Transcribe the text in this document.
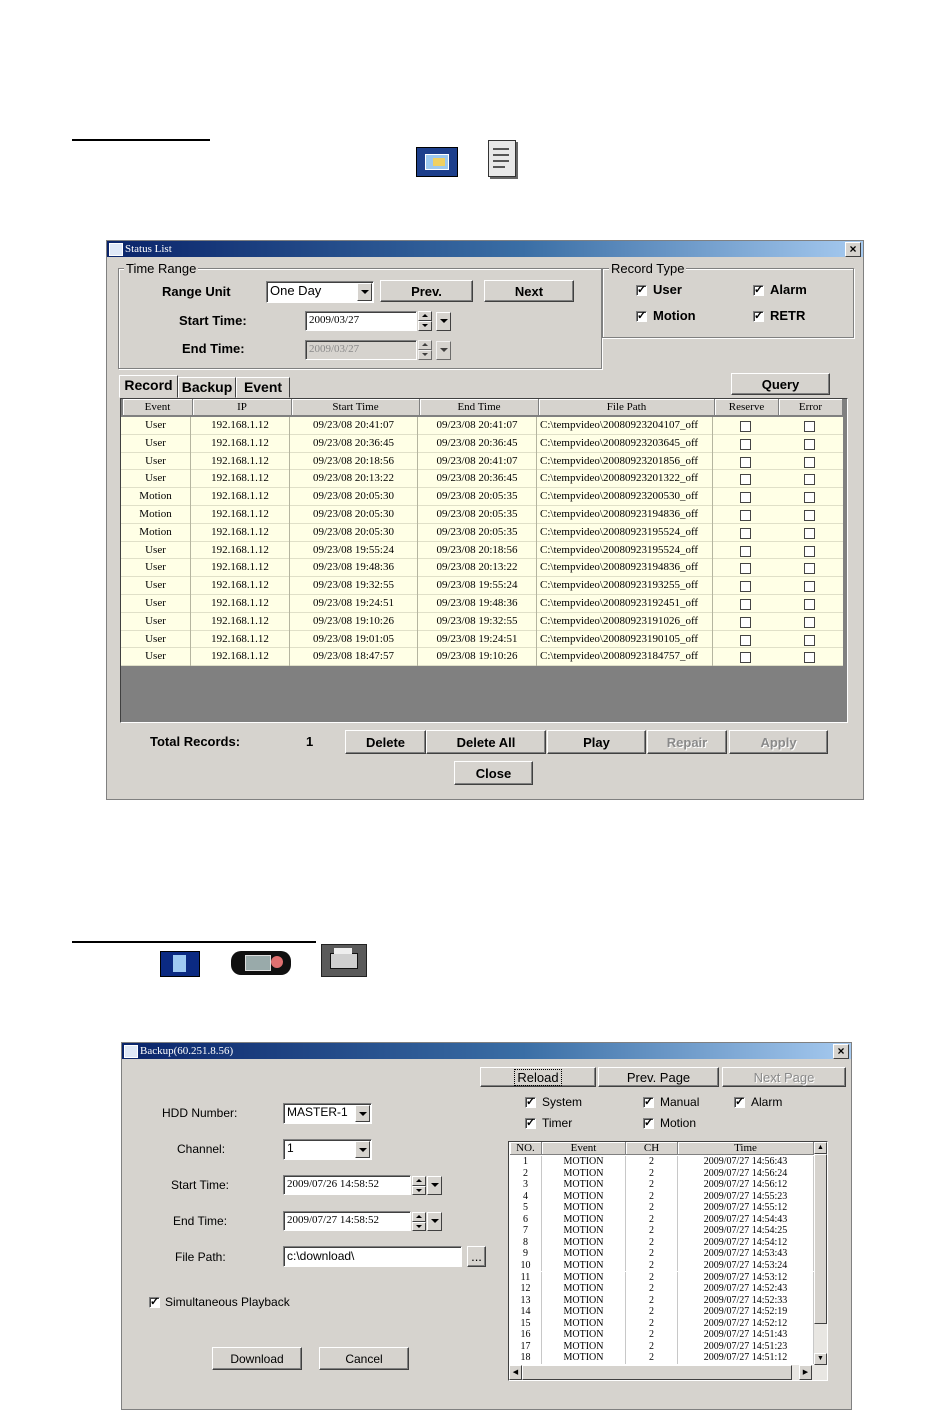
Status List	×
Time Range
Range Unit	One Day	Prev.	Next
Start Time:	2009/03/27
End Time:	2009/03/27
Record Type
✓ User	✓ Alarm
✓ Motion	✓ RETR
Record Backup Event	Query
Event	IP	Start Time	End Time	File Path	Reserve	Error
User	192.168.1.12	09/23/08 20:41:07	09/23/08 20:41:07	C:\tempvideo\20080923204107_off
User	192.168.1.12	09/23/08 20:36:45	09/23/08 20:36:45	C:\tempvideo\20080923203645_off
User	192.168.1.12	09/23/08 20:18:56	09/23/08 20:41:07	C:\tempvideo\20080923201856_off
User	192.168.1.12	09/23/08 20:13:22	09/23/08 20:36:45	C:\tempvideo\20080923201322_off
Motion	192.168.1.12	09/23/08 20:05:30	09/23/08 20:05:35	C:\tempvideo\20080923200530_off
Motion	192.168.1.12	09/23/08 20:05:30	09/23/08 20:05:35	C:\tempvideo\20080923194836_off
Motion	192.168.1.12	09/23/08 20:05:30	09/23/08 20:05:35	C:\tempvideo\20080923195524_off
User	192.168.1.12	09/23/08 19:55:24	09/23/08 20:18:56	C:\tempvideo\20080923195524_off
User	192.168.1.12	09/23/08 19:48:36	09/23/08 20:13:22	C:\tempvideo\20080923194836_off
User	192.168.1.12	09/23/08 19:32:55	09/23/08 19:55:24	C:\tempvideo\20080923193255_off
User	192.168.1.12	09/23/08 19:24:51	09/23/08 19:48:36	C:\tempvideo\20080923192451_off
User	192.168.1.12	09/23/08 19:10:26	09/23/08 19:32:55	C:\tempvideo\20080923191026_off
User	192.168.1.12	09/23/08 19:01:05	09/23/08 19:24:51	C:\tempvideo\20080923190105_off
User	192.168.1.12	09/23/08 18:47:57	09/23/08 19:10:26	C:\tempvideo\20080923184757_off
Total Records:	1	Delete	Delete All	Play	Repair	Apply
Close
Backup(60.251.8.56)	×
Reload	Prev. Page	Next Page
HDD Number:	MASTER-1
Channel:	1
Start Time:	2009/07/26 14:58:52
End Time:	2009/07/27 14:58:52
File Path:	c:\download\	...
✓ Simultaneous Playback
Download	Cancel
✓ System	✓ Manual	✓ Alarm
✓ Timer	✓ Motion
NO.	Event	CH	Time
1	MOTION	2	2009/07/27 14:56:43
2	MOTION	2	2009/07/27 14:56:24
3	MOTION	2	2009/07/27 14:56:12
4	MOTION	2	2009/07/27 14:55:23
5	MOTION	2	2009/07/27 14:55:12
6	MOTION	2	2009/07/27 14:54:43
7	MOTION	2	2009/07/27 14:54:25
8	MOTION	2	2009/07/27 14:54:12
9	MOTION	2	2009/07/27 14:53:43
10	MOTION	2	2009/07/27 14:53:24
11	MOTION	2	2009/07/27 14:53:12
12	MOTION	2	2009/07/27 14:52:43
13	MOTION	2	2009/07/27 14:52:33
14	MOTION	2	2009/07/27 14:52:19
15	MOTION	2	2009/07/27 14:52:12
16	MOTION	2	2009/07/27 14:51:43
17	MOTION	2	2009/07/27 14:51:23
18	MOTION	2	2009/07/27 14:51:12
▲
▼
◀	▶
